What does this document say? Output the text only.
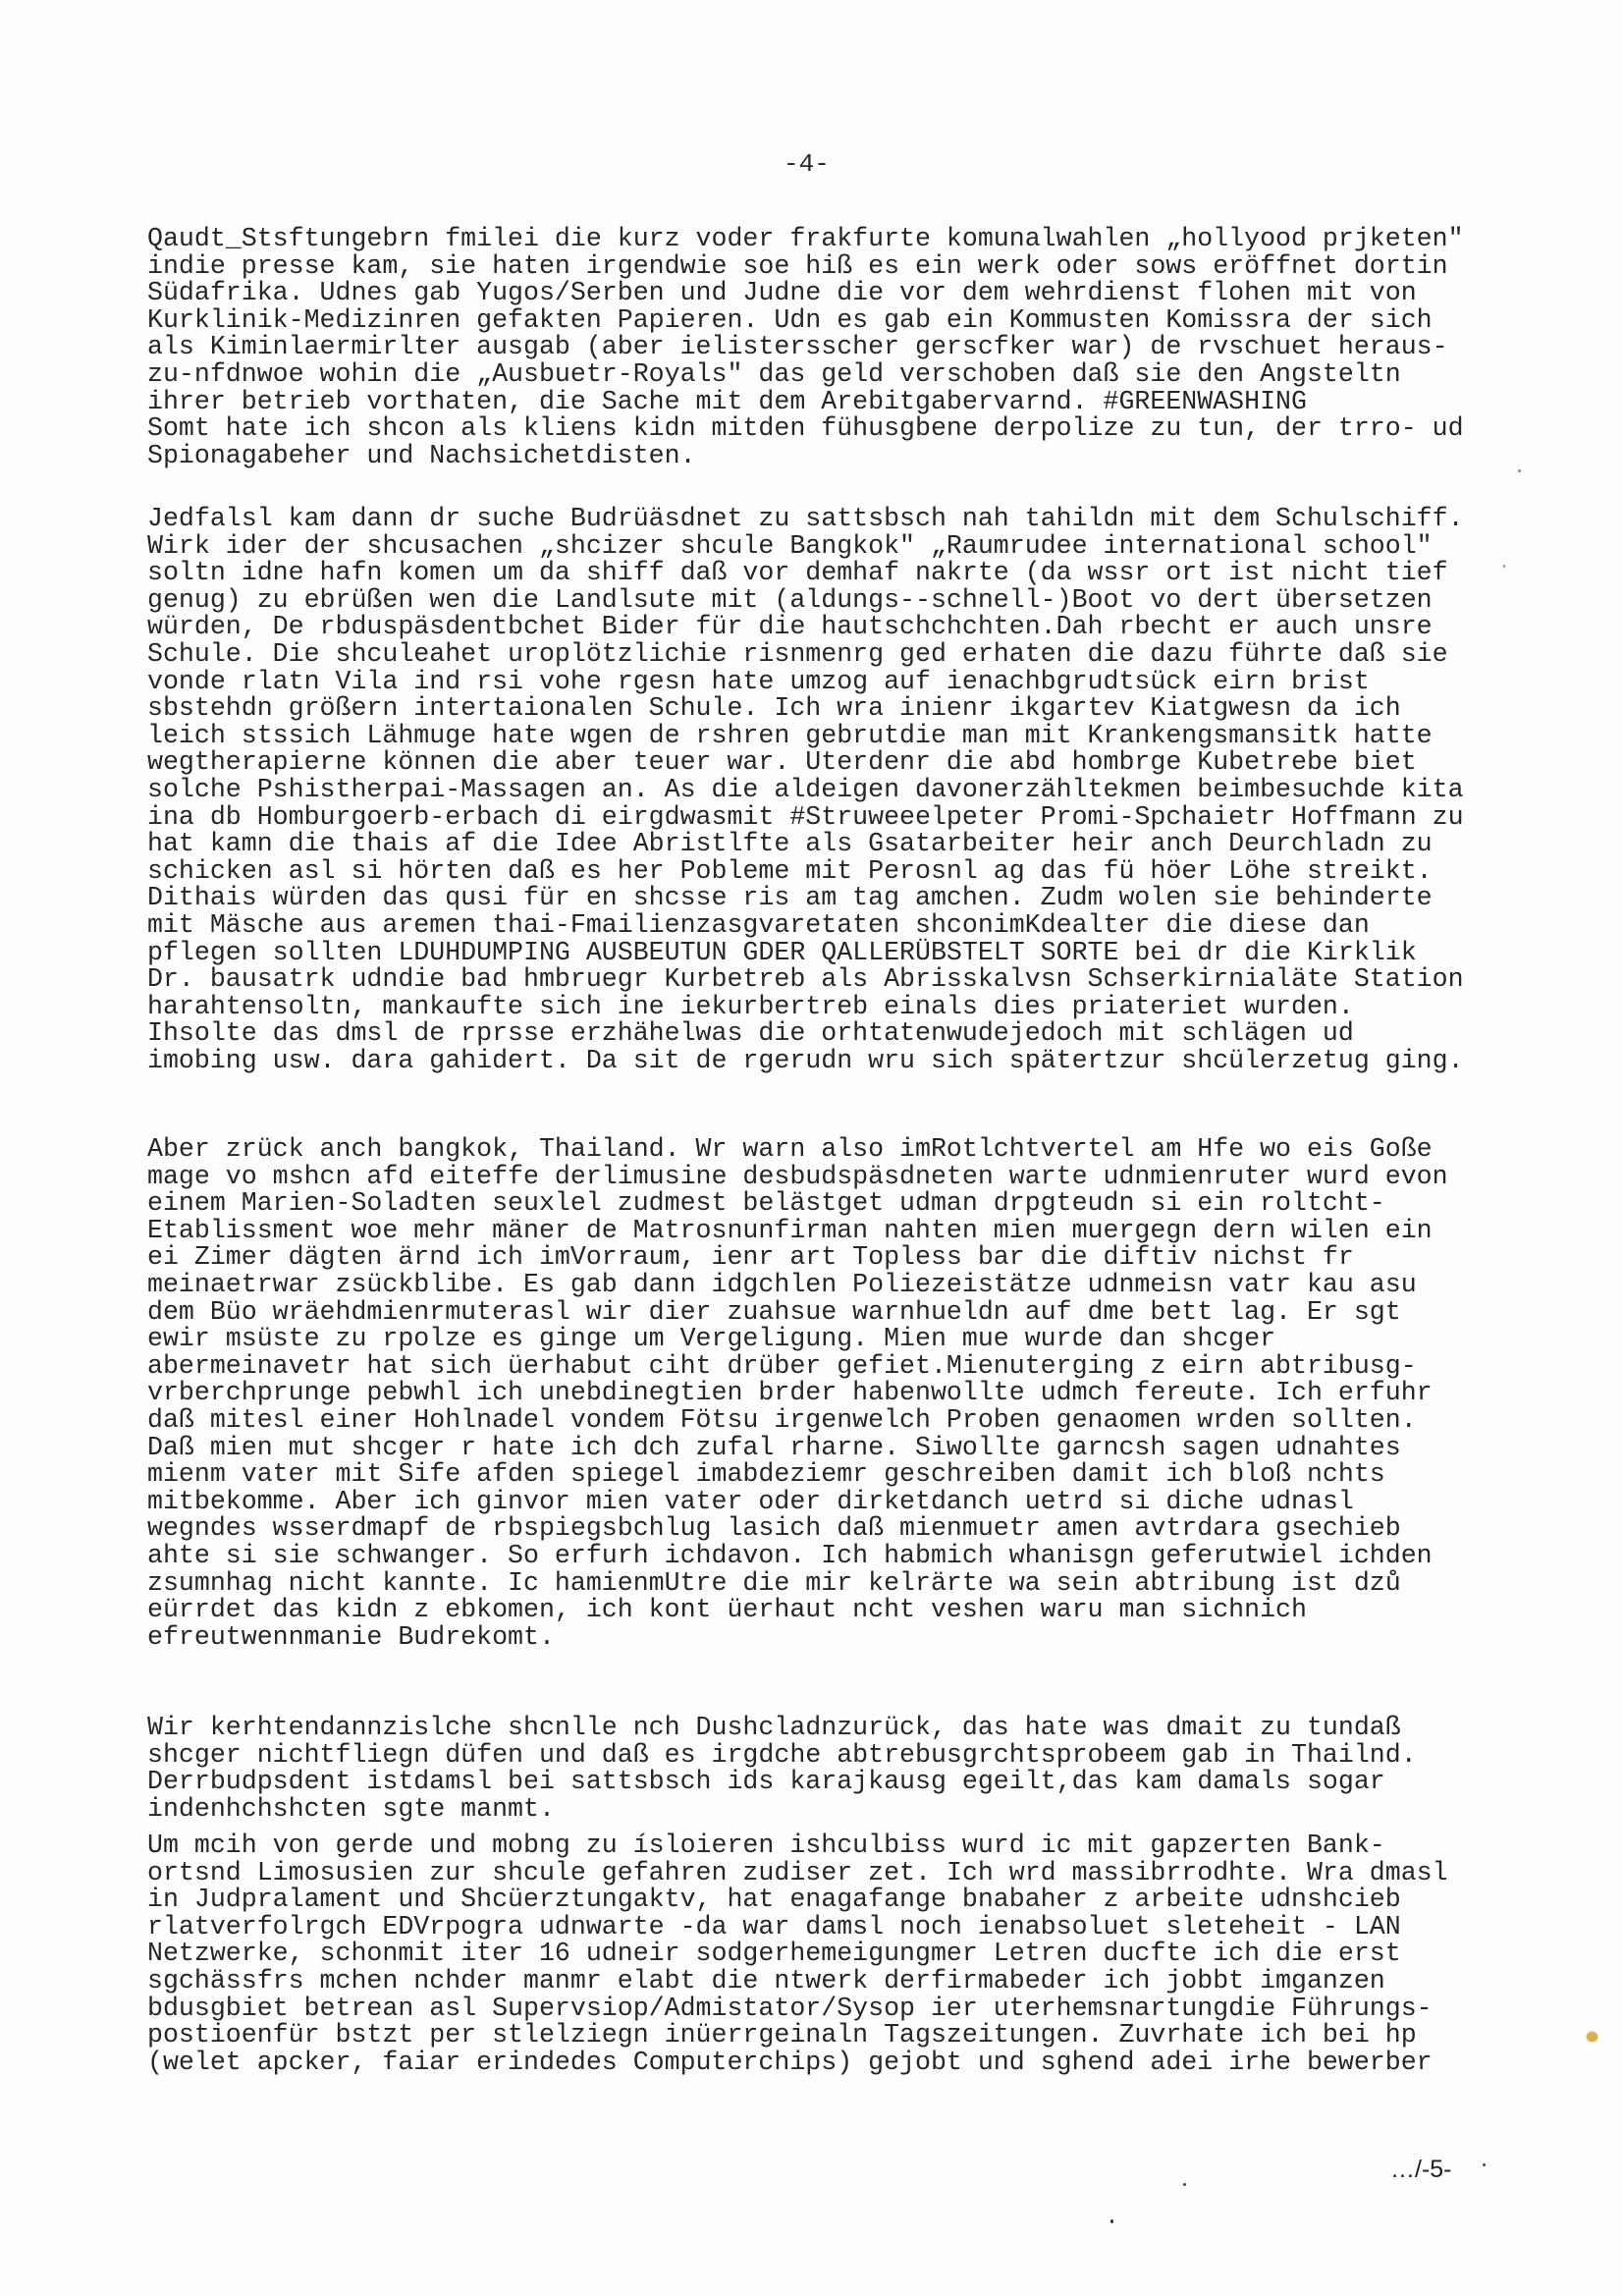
-4-
Qaudt_Stsftungebrn fmilei die kurz voder frakfurte komunalwahlen „hollyood prjketen"
indie presse kam, sie haten irgendwie soe hiß es ein werk oder sows eröffnet dortin
Südafrika. Udnes gab Yugos/Serben und Judne die vor dem wehrdienst flohen mit von
Kurklinik-Medizinren gefakten Papieren. Udn es gab ein Kommusten Komissra der sich
als Kiminlaermirlter ausgab (aber ielistersscher gerscfker war) de rvschuet heraus-
zu-nfdnwoe wohin die „Ausbuetr-Royals" das geld verschoben daß sie den Angsteltn
ihrer betrieb vorthaten, die Sache mit dem Arebitgabervarnd. #GREENWASHING
Somt hate ich shcon als kliens kidn mitden fühusgbene derpolize zu tun, der trro- ud
Spionagabeher und Nachsichetdisten.
Jedfalsl kam dann dr suche Budrüäsdnet zu sattsbsch nah tahildn mit dem Schulschiff.
Wirk ider der shcusachen „shcizer shcule Bangkok" „Raumrudee international school"
soltn idne hafn komen um da shiff daß vor demhaf nakrte (da wssr ort ist nicht tief
genug) zu ebrüßen wen die Landlsute mit (aldungs--schnell-)Boot vo dert übersetzen
würden, De rbduspäsdentbchet Bider für die hautschchchten.Dah rbecht er auch unsre
Schule. Die shculeahet uroplötzlichie risnmenrg ged erhaten die dazu führte daß sie
vonde rlatn Vila ind rsi vohe rgesn hate umzog auf ienachbgrudtsück eirn brist
sbstehdn größern intertaionalen Schule. Ich wra inienr ikgartev Kiatgwesn da ich
leich stssich Lähmuge hate wgen de rshren gebrutdie man mit Krankengsmansitk hatte
wegtherapierne können die aber teuer war. Uterdenr die abd hombrge Kubetrebe biet
solche Pshistherpai-Massagen an. As die aldeigen davonerzähltekmen beimbesuchde kita
ina db Homburgoerb-erbach di eirgdwasmit #Struweeelpeter Promi-Spchaietr Hoffmann zu
hat kamn die thais af die Idee Abristlfte als Gsatarbeiter heir anch Deurchladn zu
schicken asl si hörten daß es her Pobleme mit Perosnl ag das fü höer Löhe streikt.
Dithais würden das qusi für en shcsse ris am tag amchen. Zudm wolen sie behinderte
mit Mäsche aus aremen thai-Fmailienzasgvaretaten shconimKdealter die diese dan
pflegen sollten LDUHDUMPING AUSBEUTUN GDER QALLERÜBSTELT SORTE bei dr die Kirklik
Dr. bausatrk udndie bad hmbruegr Kurbetreb als Abrisskalvsn Schserkirnialäte Station
harahtensoltn, mankaufte sich ine iekurbertreb einals dies priateriet wurden.
Ihsolte das dmsl de rprsse erzhähelwas die orhtatenwudejedoch mit schlägen ud
imobing usw. dara gahidert. Da sit de rgerudn wru sich spätertzur shcülerzetug ging.
Aber zrück anch bangkok, Thailand. Wr warn also imRotlchtvertel am Hfe wo eis Goße
mage vo mshcn afd eiteffe derlimusine desbudspäsdneten warte udnmienruter wurd evon
einem Marien-Soladten seuxlel zudmest belästget udman drpgteudn si ein roltcht-
Etablissment woe mehr mäner de Matrosnunfirman nahten mien muergegn dern wilen ein
ei Zimer dägten ärnd ich imVorraum, ienr art Topless bar die diftiv nichst fr
meinaetrwar zsückblibe. Es gab dann idgchlen Poliezeistätze udnmeisn vatr kau asu
dem Büo wräehdmienrmuterasl wir dier zuahsue warnhueldn auf dme bett lag. Er sgt
ewir msüste zu rpolze es ginge um Vergeligung. Mien mue wurde dan shcger
abermeinavetr hat sich üerhabut ciht drüber gefiet.Mienuterging z eirn abtribusg-
vrberchprunge pebwhl ich unebdinegtien brder habenwollte udmch fereute. Ich erfuhr
daß mitesl einer Hohlnadel vondem Fötsu irgenwelch Proben genaomen wrden sollten.
Daß mien mut shcger r hate ich dch zufal rharne. Siwollte garncsh sagen udnahtes
mienm vater mit Sife afden spiegel imabdeziemr geschreiben damit ich bloß nchts
mitbekomme. Aber ich ginvor mien vater oder dirketdanch uetrd si diche udnasl
wegndes wsserdmapf de rbspiegsbchlug lasich daß mienmuetr amen avtrdara gsechieb
ahte si sie schwanger. So erfurh ichdavon. Ich habmich whanisgn geferutwiel ichden
zsumnhag nicht kannte. Ic hamienmUtre die mir kelrärte wa sein abtribung ist dzů
eürrdet das kidn z ebkomen, ich kont üerhaut ncht veshen waru man sichnich
efreutwennmanie Budrekomt.
Wir kerhtendannzislche shcnlle nch Dushcladnzurück, das hate was dmait zu tundaß
shcger nichtfliegn düfen und daß es irgdche abtrebusgrchtsprobeem gab in Thailnd.
Derrbudpsdent istdamsl bei sattsbsch ids karajkausg egeilt,das kam damals sogar
indenhchshcten sgte manmt.
Um mcih von gerde und mobng zu ísloieren ishculbiss wurd ic mit gapzerten Bank-
ortsnd Limosusien zur shcule gefahren zudiser zet. Ich wrd massibrrodhte. Wra dmasl
in Judpralament und Shcüerztungaktv, hat enagafange bnabaher z arbeite udnshcieb
rlatverfolrgch EDVrpogra udnwarte -da war damsl noch ienabsoluet sleteheit - LAN
Netzwerke, schonmit iter 16 udneir sodgerhemeigungmer Letren ducfte ich die erst
sgchässfrs mchen nchder manmr elabt die ntwerk derfirmabeder ich jobbt imganzen
bdusgbiet betrean asl Supervsiop/Admistator/Sysop ier uterhemsnartungdie Führungs-
postioenfür bstzt per stlelziegn inüerrgeinaln Tagszeitungen. Zuvrhate ich bei hp
(welet apcker, faiar erindedes Computerchips) gejobt und sghend adei irhe bewerber
…/-5-
